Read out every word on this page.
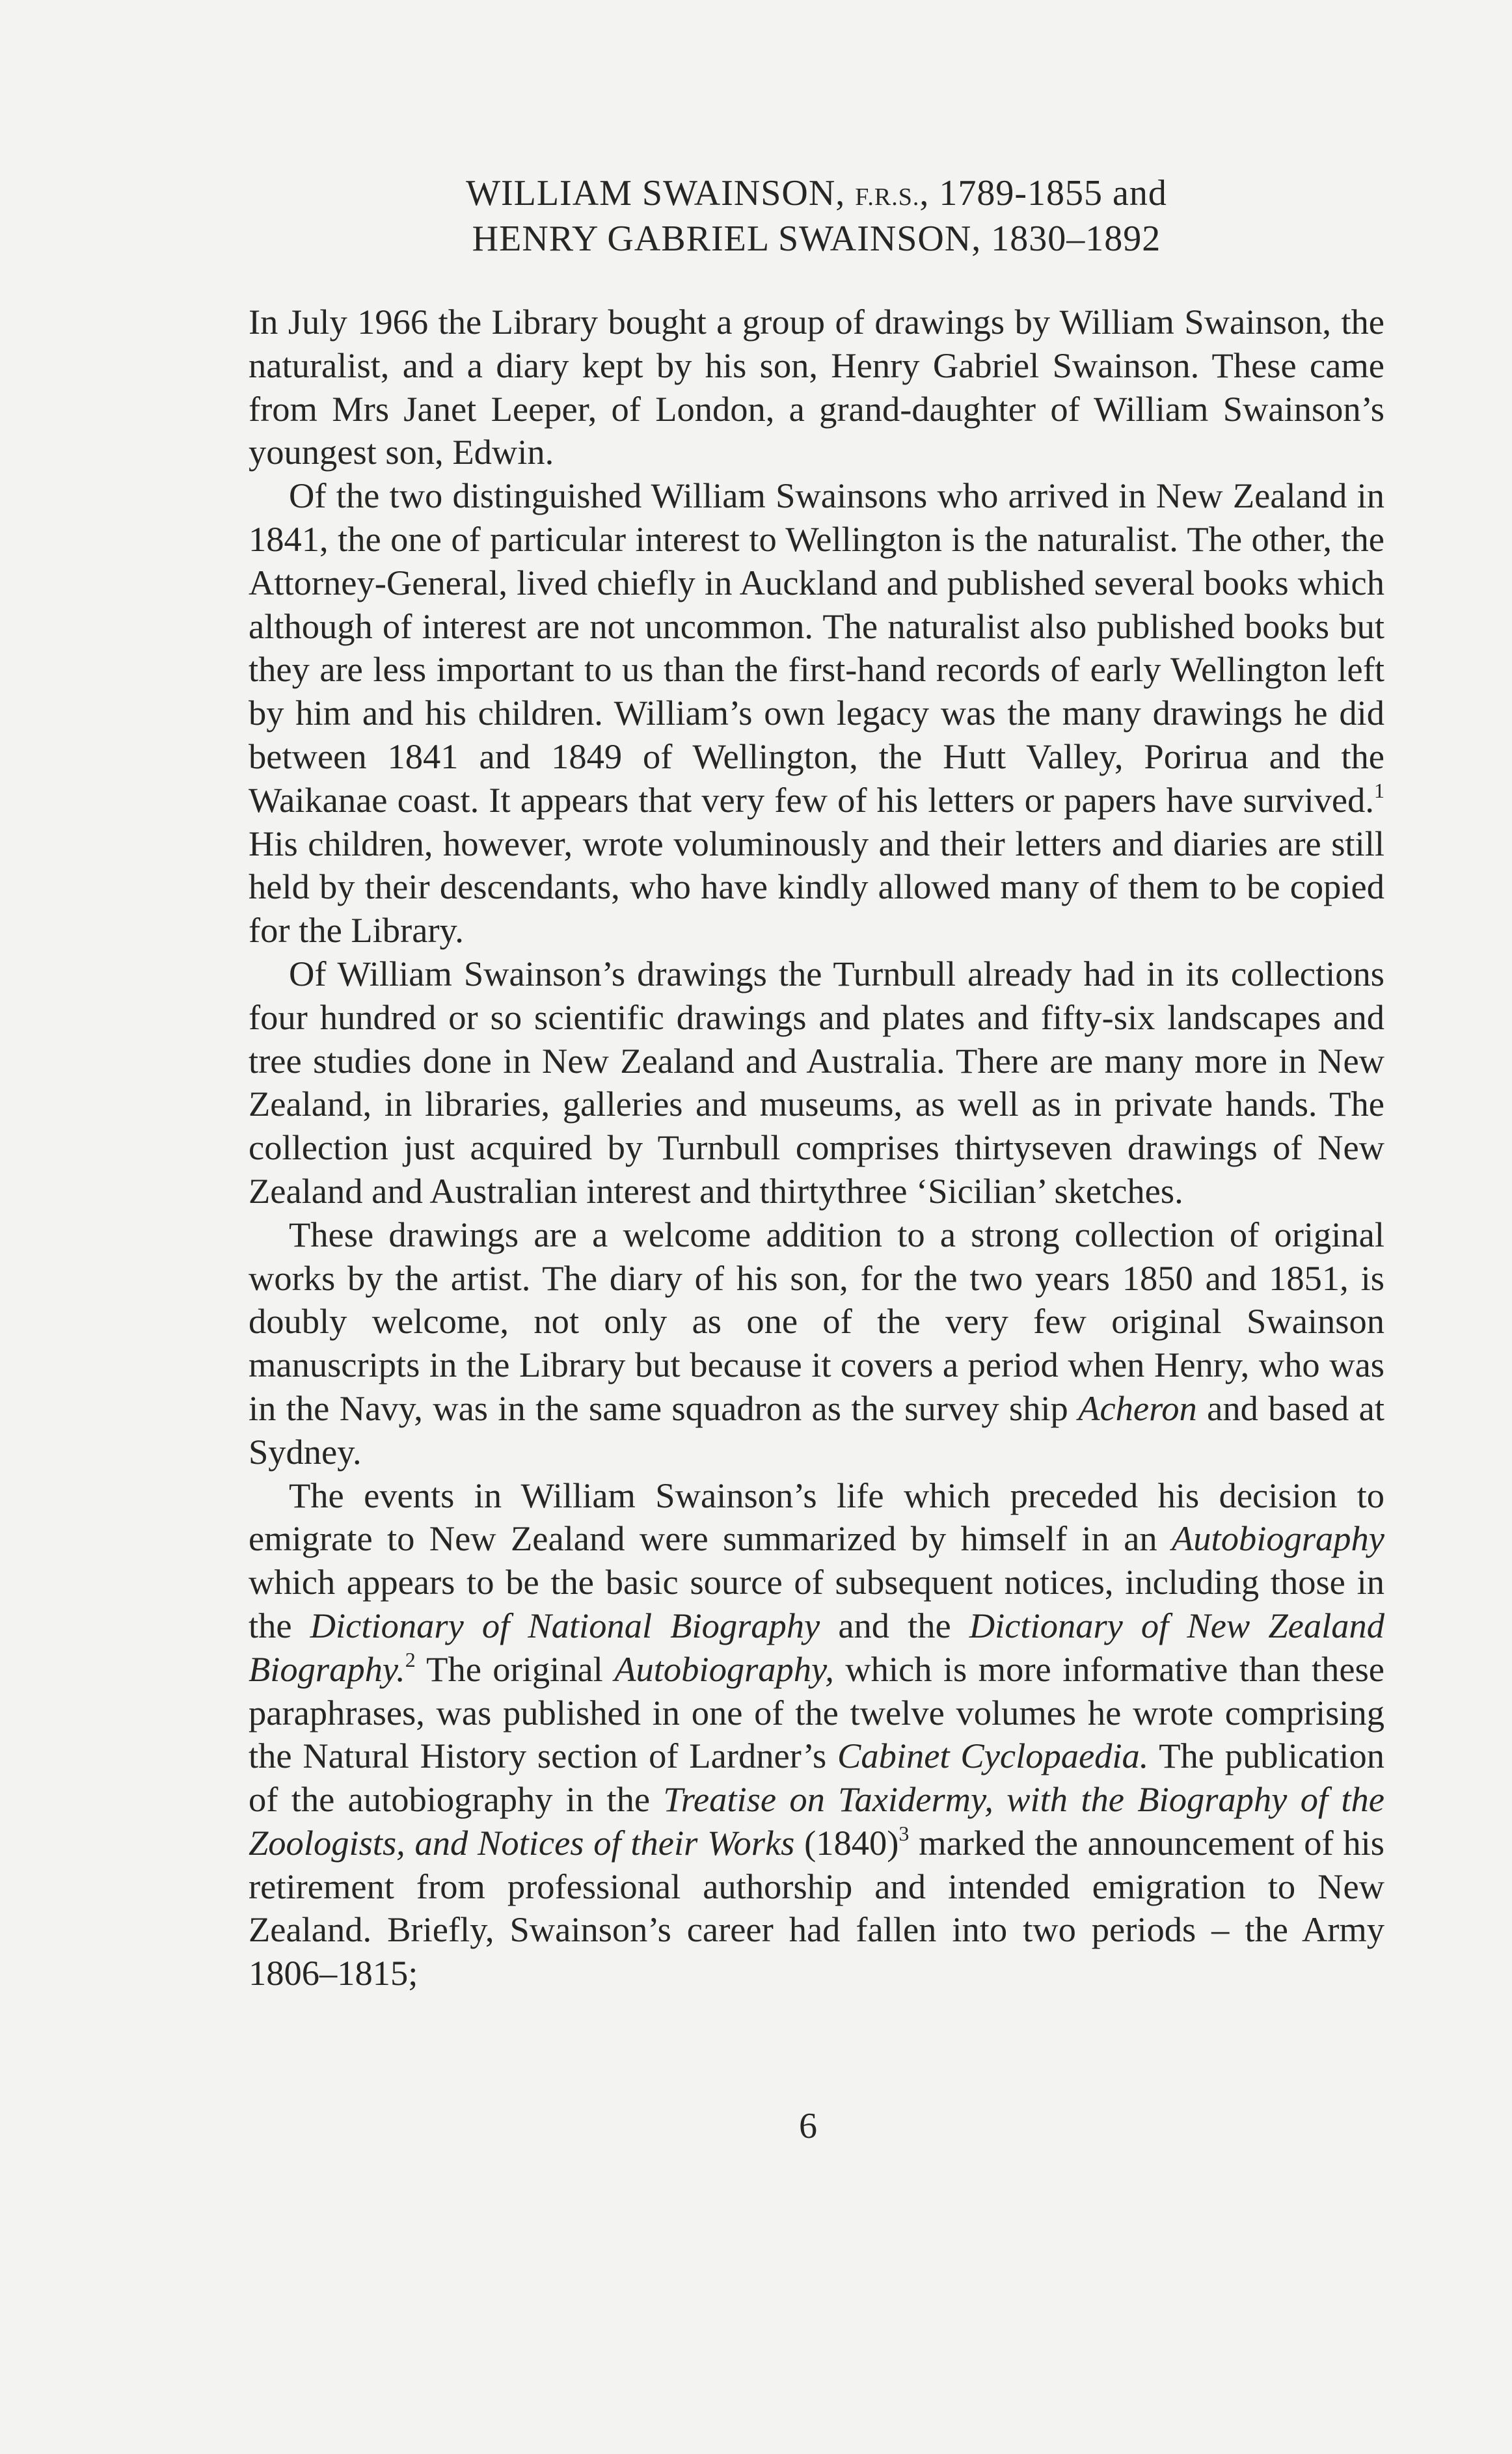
WILLIAM SWAINSON, F.R.S., 1789-1855 and
HENRY GABRIEL SWAINSON, 1830–1892

In July 1966 the Library bought a group of drawings by William Swainson, the naturalist, and a diary kept by his son, Henry Gabriel Swainson. These came from Mrs Janet Leeper, of London, a grand-daughter of William Swainson’s youngest son, Edwin.

Of the two distinguished William Swainsons who arrived in New Zealand in 1841, the one of particular interest to Wellington is the naturalist. The other, the Attorney-General, lived chiefly in Auckland and published several books which although of interest are not uncommon. The naturalist also published books but they are less important to us than the first-hand records of early Wellington left by him and his children. William’s own legacy was the many drawings he did between 1841 and 1849 of Wellington, the Hutt Valley, Porirua and the Waikanae coast. It appears that very few of his letters or papers have survived.$^1$ His children, however, wrote voluminously and their letters and diaries are still held by their descendants, who have kindly allowed many of them to be copied for the Library.

Of William Swainson’s drawings the Turnbull already had in its collections four hundred or so scientific drawings and plates and fifty-six landscapes and tree studies done in New Zealand and Australia. There are many more in New Zealand, in libraries, galleries and museums, as well as in private hands. The collection just acquired by Turnbull comprises thirtyseven drawings of New Zealand and Australian interest and thirtythree ‘Sicilian’ sketches.

These drawings are a welcome addition to a strong collection of original works by the artist. The diary of his son, for the two years 1850 and 1851, is doubly welcome, not only as one of the very few original Swainson manuscripts in the Library but because it covers a period when Henry, who was in the Navy, was in the same squadron as the survey ship Acheron and based at Sydney.

The events in William Swainson’s life which preceded his decision to emigrate to New Zealand were summarized by himself in an Autobiography which appears to be the basic source of subsequent notices, including those in the Dictionary of National Biography and the Dictionary of New Zealand Biography.$^2$ The original Autobiography, which is more informative than these paraphrases, was published in one of the twelve volumes he wrote comprising the Natural History section of Lardner’s Cabinet Cyclopaedia. The publication of the autobiography in the Treatise on Taxidermy, with the Biography of the Zoologists, and Notices of their Works $(1840)^3$ marked the announcement of his retirement from professional authorship and intended emigration to New Zealand. Briefly, Swainson’s career had fallen into two periods – the Army 1806–1815;

6
